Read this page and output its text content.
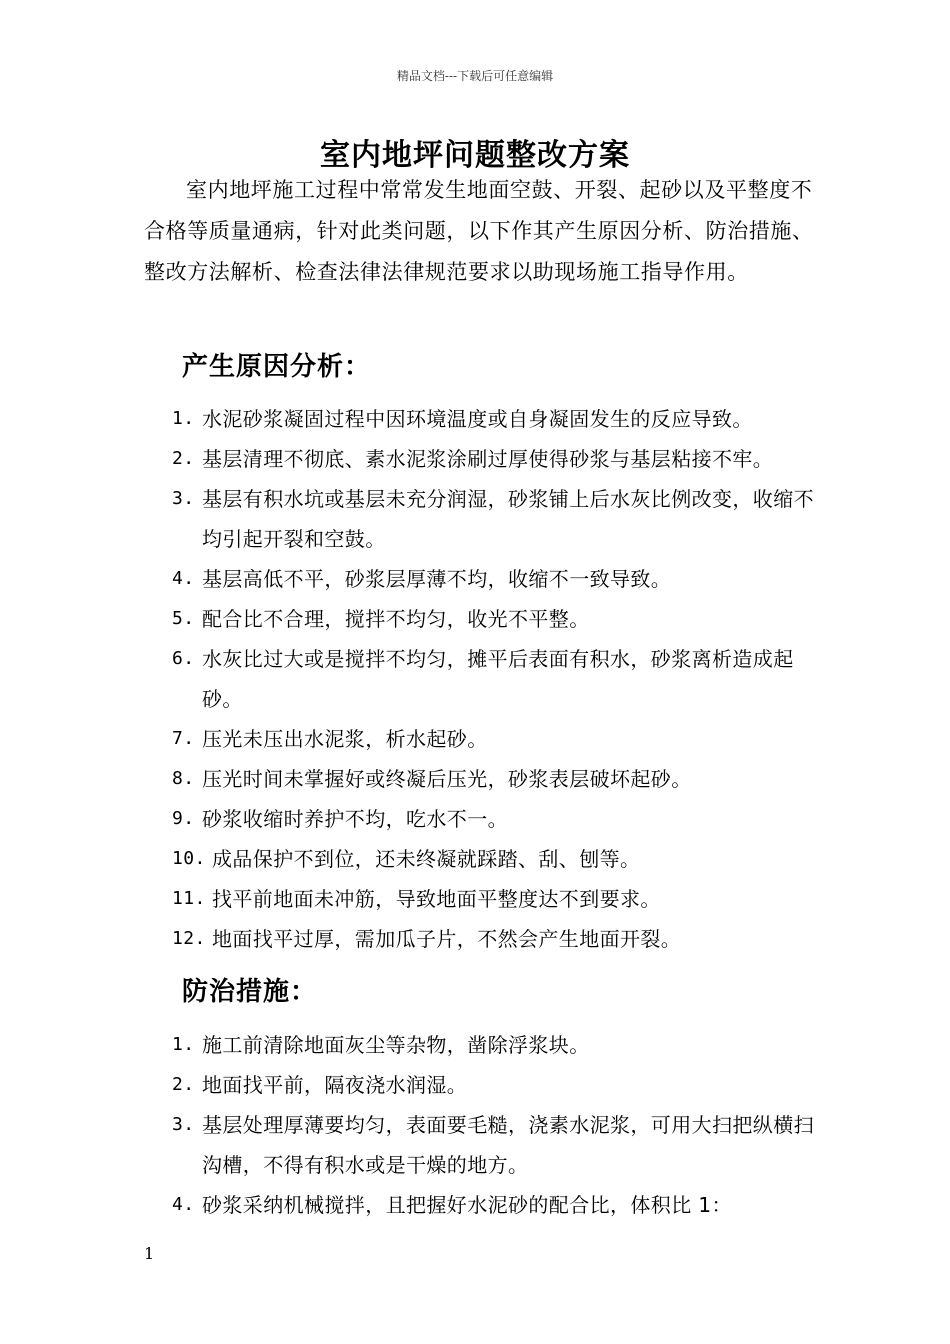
精品文档---下载后可任意编辑
室内地坪问题整改方案
室内地坪施工过程中常常发生地面空鼓、开裂、起砂以及平整度不合格等质量通病，针对此类问题，以下作其产生原因分析、防治措施、整改方法解析、检查法律法律规范要求以助现场施工指导作用。
产生原因分析：
1. 水泥砂浆凝固过程中因环境温度或自身凝固发生的反应导致。
2. 基层清理不彻底、素水泥浆涂刷过厚使得砂浆与基层粘接不牢。
3. 基层有积水坑或基层未充分润湿，砂浆铺上后水灰比例改变，收缩不均引起开裂和空鼓。
4. 基层高低不平，砂浆层厚薄不均，收缩不一致导致。
5. 配合比不合理，搅拌不均匀，收光不平整。
6. 水灰比过大或是搅拌不均匀，摊平后表面有积水，砂浆离析造成起砂。
7. 压光未压出水泥浆，析水起砂。
8. 压光时间未掌握好或终凝后压光，砂浆表层破坏起砂。
9. 砂浆收缩时养护不均，吃水不一。
10. 成品保护不到位，还未终凝就踩踏、刮、刨等。
11. 找平前地面未冲筋，导致地面平整度达不到要求。
12. 地面找平过厚，需加瓜子片，不然会产生地面开裂。
防治措施：
1. 施工前清除地面灰尘等杂物，凿除浮浆块。
2. 地面找平前，隔夜浇水润湿。
3. 基层处理厚薄要均匀，表面要毛糙，浇素水泥浆，可用大扫把纵横扫沟槽，不得有积水或是干燥的地方。
4. 砂浆采纳机械搅拌，且把握好水泥砂的配合比，体积比 1：
1
